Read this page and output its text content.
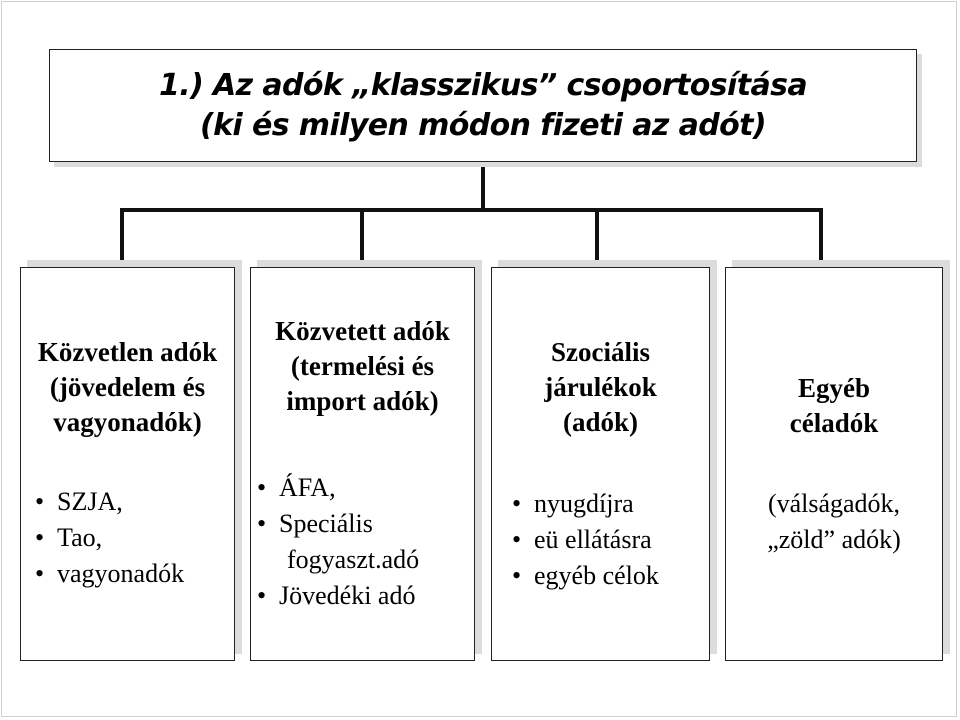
1.) Az adók „klasszikus” csoportosítása
(ki és milyen módon fizeti az adót)
Közvetlen adók
(jövedelem és
vagyonadók)
• SZJA,
• Tao,
• vagyonadók
Közvetett adók
(termelési és
import adók)
• ÁFA,
• Speciális
fogyaszt.adó
• Jövedéki adó
Szociális
járulékok
(adók)
• nyugdíjra
• eü ellátásra
• egyéb célok
Egyéb
céladók
(válságadók,
„zöld” adók)
